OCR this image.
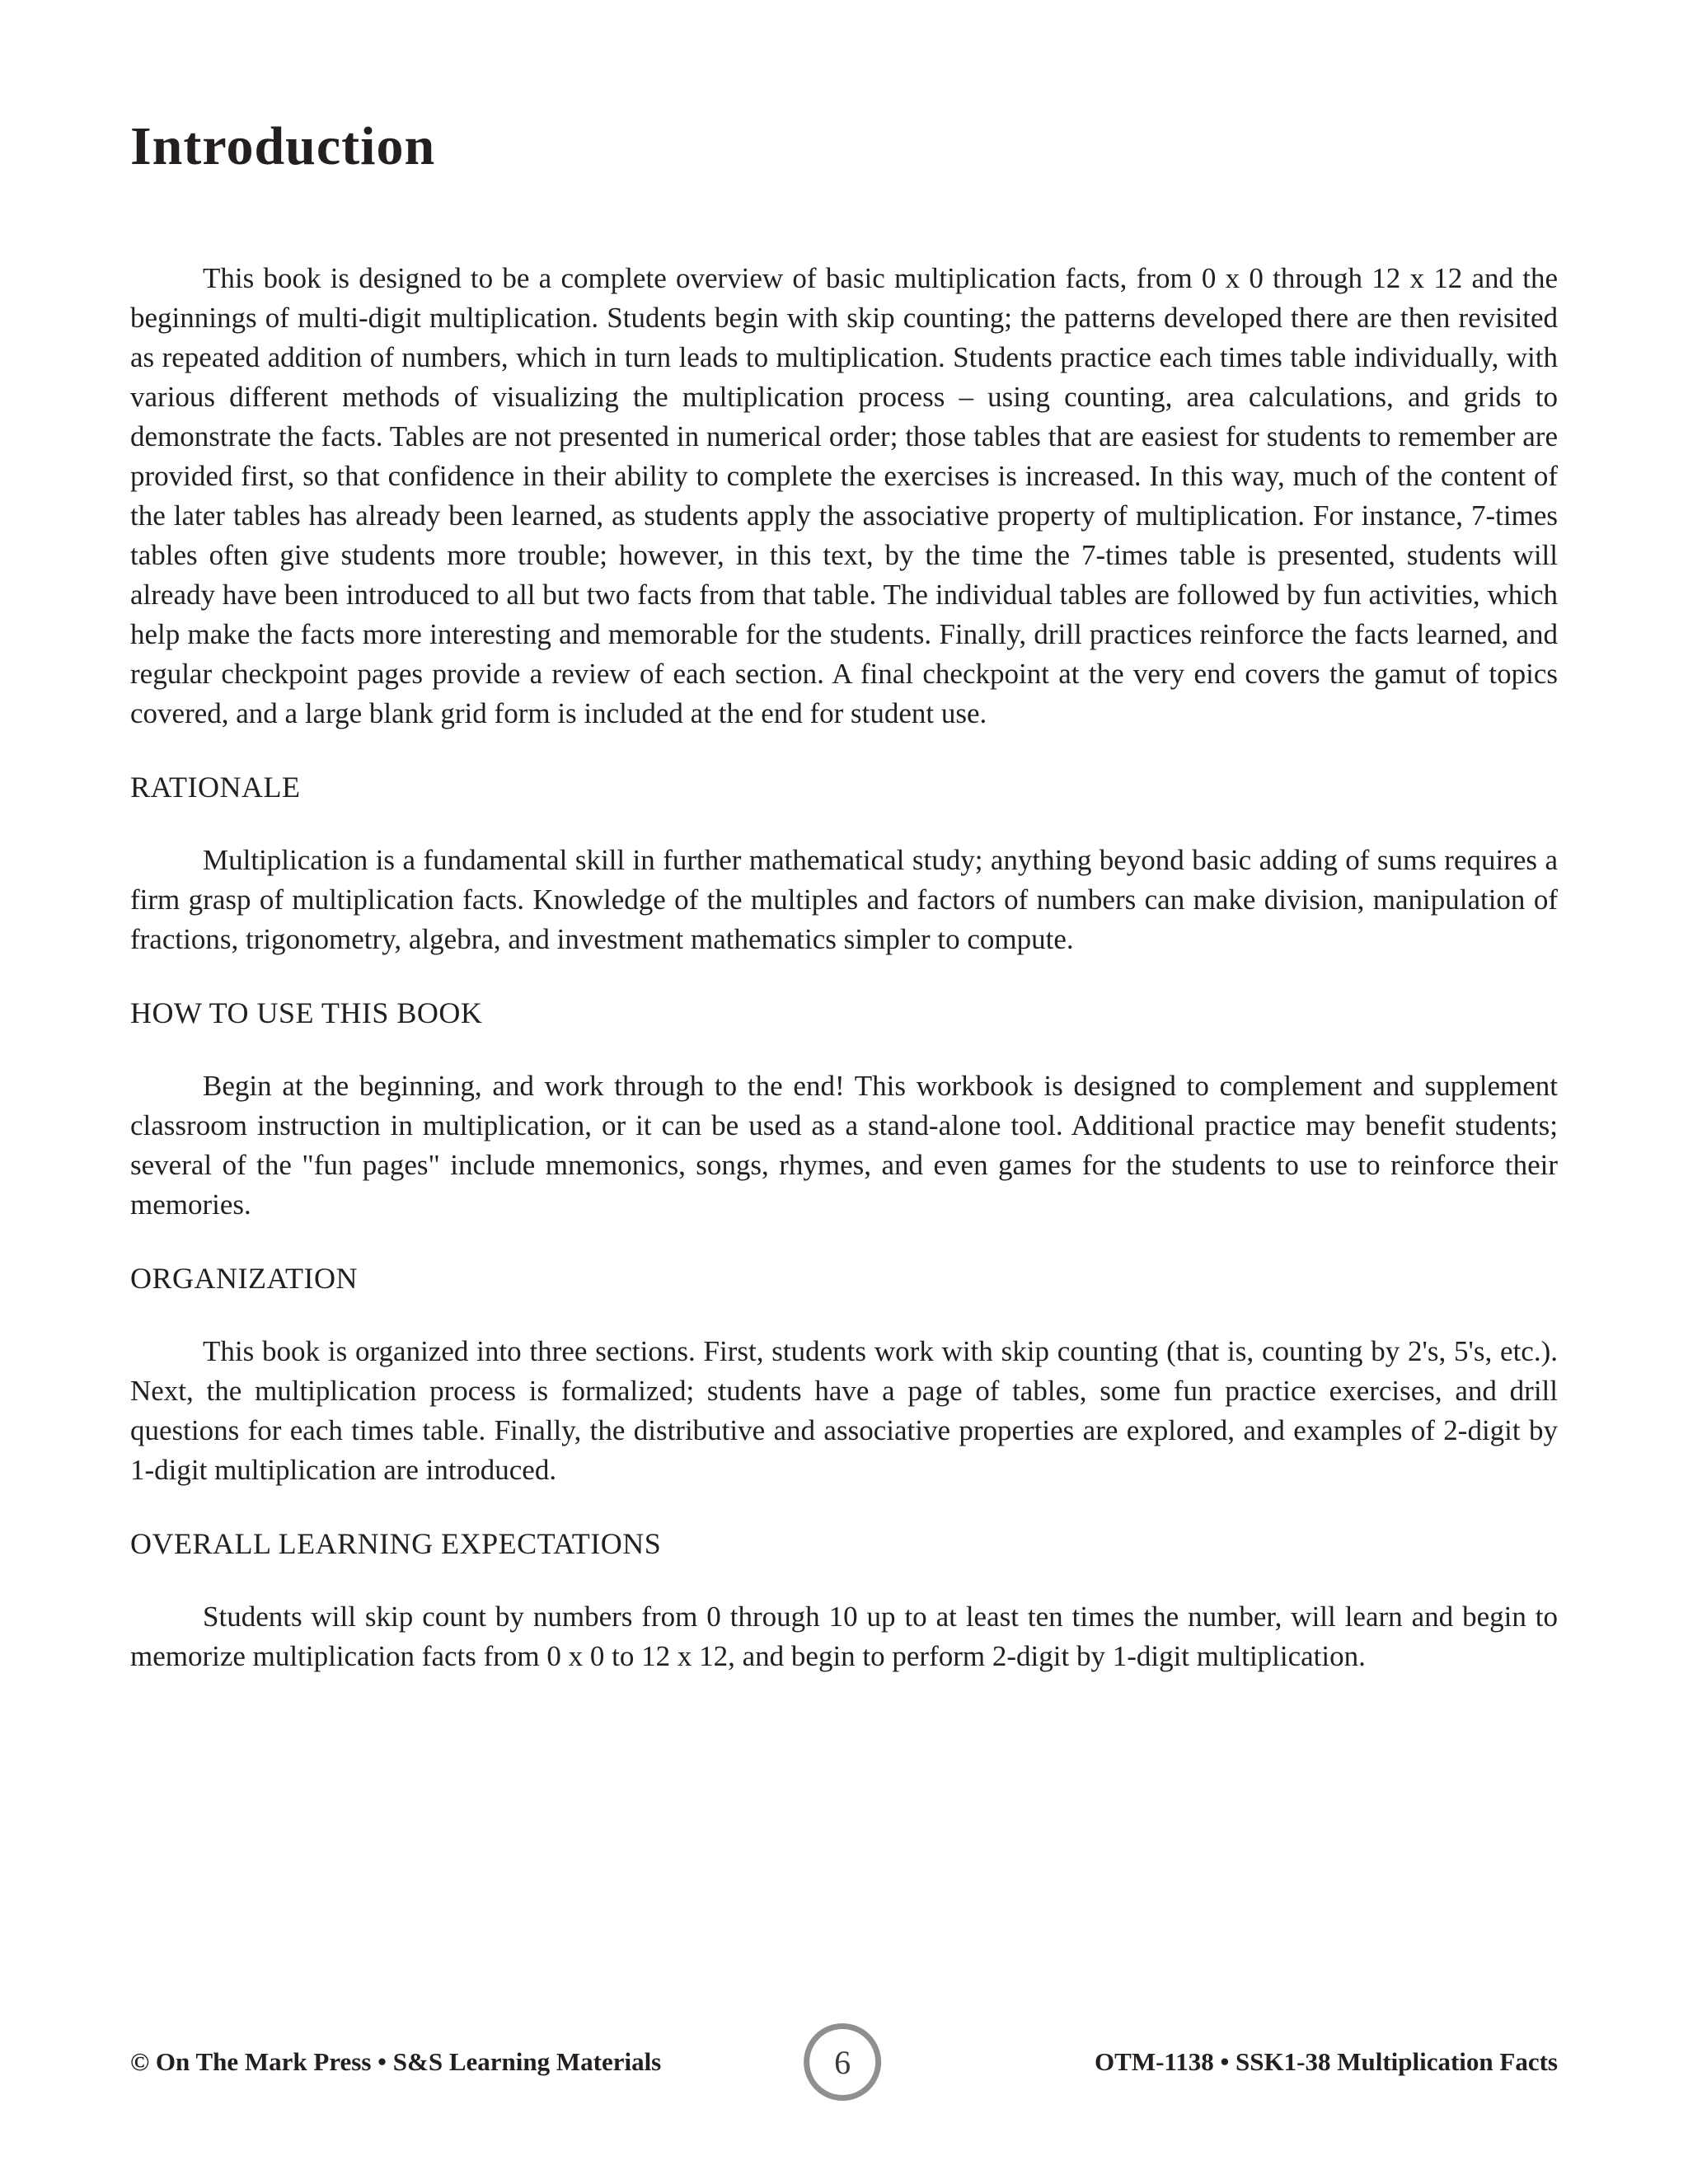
Introduction

This book is designed to be a complete overview of basic multiplication facts, from 0 x 0 through 12 x 12 and the beginnings of multi-digit multiplication. Students begin with skip counting; the patterns developed there are then revisited as repeated addition of numbers, which in turn leads to multiplication. Students practice each times table individually, with various different methods of visualizing the multiplication process – using counting, area calculations, and grids to demonstrate the facts. Tables are not presented in numerical order; those tables that are easiest for students to remember are provided first, so that confidence in their ability to complete the exercises is increased. In this way, much of the content of the later tables has already been learned, as students apply the associative property of multiplication. For instance, 7-times tables often give students more trouble; however, in this text, by the time the 7-times table is presented, students will already have been introduced to all but two facts from that table. The individual tables are followed by fun activities, which help make the facts more interesting and memorable for the students. Finally, drill practices reinforce the facts learned, and regular checkpoint pages provide a review of each section. A final checkpoint at the very end covers the gamut of topics covered, and a large blank grid form is included at the end for student use.

RATIONALE

Multiplication is a fundamental skill in further mathematical study; anything beyond basic adding of sums requires a firm grasp of multiplication facts. Knowledge of the multiples and factors of numbers can make division, manipulation of fractions, trigonometry, algebra, and investment mathematics simpler to compute.

HOW TO USE THIS BOOK

Begin at the beginning, and work through to the end! This workbook is designed to complement and supplement classroom instruction in multiplication, or it can be used as a stand-alone tool. Additional practice may benefit students; several of the "fun pages" include mnemonics, songs, rhymes, and even games for the students to use to reinforce their memories.

ORGANIZATION

This book is organized into three sections. First, students work with skip counting (that is, counting by 2's, 5's, etc.). Next, the multiplication process is formalized; students have a page of tables, some fun practice exercises, and drill questions for each times table. Finally, the distributive and associative properties are explored, and examples of 2-digit by 1-digit multiplication are introduced.

OVERALL LEARNING EXPECTATIONS

Students will skip count by numbers from 0 through 10 up to at least ten times the number, will learn and begin to memorize multiplication facts from 0 x 0 to 12 x 12, and begin to perform 2-digit by 1-digit multiplication.

© On The Mark Press • S&S Learning Materials	6	OTM-1138 • SSK1-38 Multiplication Facts
